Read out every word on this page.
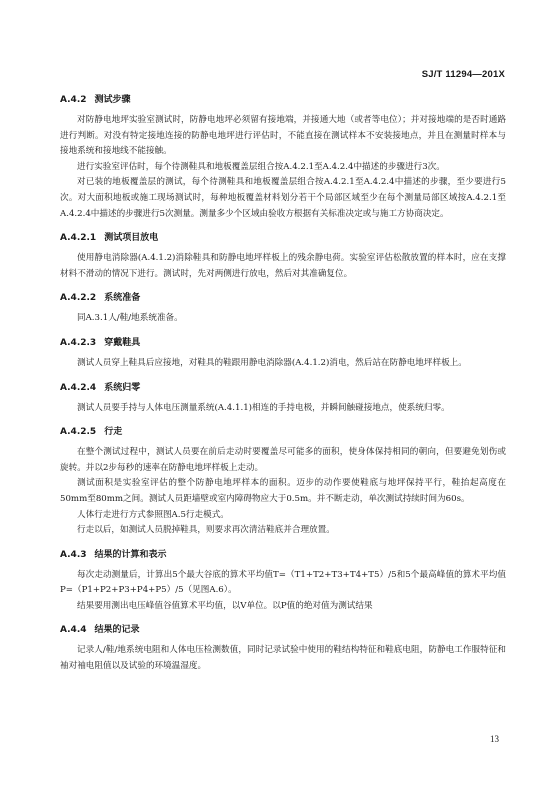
SJ/T 11294—201X
A.4.2 测试步骤

对防静电地坪实验室测试时，防静电地坪必须留有接地端，并接通大地（或者等电位）；并对接地端的是否时通路进行判断。对没有特定接地连接的防静电地坪进行评估时，不能直接在测试样本不安装接地点，并且在测量时样本与接地系统和接地线不能接触。

进行实验室评估时，每个待测鞋具和地板覆盖层组合按A.4.2.1至A.4.2.4中描述的步骤进行3次。

对已装的地板覆盖层的测试，每个待测鞋具和地板覆盖层组合按A.4.2.1至A.4.2.4中描述的步骤，至少要进行5次。对大面积地板或施工现场测试时，每种地板覆盖材料划分若干个局部区域至少在每个测量局部区域按A.4.2.1至A.4.2.4中描述的步骤进行5次测量。测量多少个区域由验收方根据有关标准决定或与施工方协商决定。

A.4.2.1 测试项目放电

使用静电消除器(A.4.1.2)消除鞋具和防静电地坪样板上的残余静电荷。实验室评估松散放置的样本时，应在支撑材料不滑动的情况下进行。测试时，先对两侧进行放电，然后对其准确复位。

A.4.2.2 系统准备

同A.3.1人/鞋/地系统准备。

A.4.2.3 穿戴鞋具

测试人员穿上鞋具后应接地，对鞋具的鞋跟用静电消除器(A.4.1.2)消电，然后站在防静电地坪样板上。

A.4.2.4 系统归零

测试人员要手持与人体电压测量系统(A.4.1.1)相连的手持电极，并瞬间触碰接地点，使系统归零。

A.4.2.5 行走

在整个测试过程中，测试人员要在前后走动时要覆盖尽可能多的面积，使身体保持相同的朝向，但要避免划伤或旋转。并以2步每秒的速率在防静电地坪样板上走动。

测试面积是实验室评估的整个防静电地坪样本的面积。迈步的动作要使鞋底与地坪保持平行，鞋抬起高度在50mm至80mm之间。测试人员距墙壁或室内障碍物应大于0.5m。并不断走动，单次测试持续时间为60s。

人体行走进行方式参照图A.5行走模式。

行走以后，如测试人员脱掉鞋具，则要求再次清洁鞋底并合理放置。

A.4.3 结果的计算和表示

每次走动测量后，计算出5个最大谷底的算术平均值T=（T1+T2+T3+T4+T5）/5和5个最高峰值的算术平均值P=（P1+P2+P3+P4+P5）/5（见图A.6）。

结果要用测出电压峰值谷值算术平均值，以V单位。以P值的绝对值为测试结果

A.4.4 结果的记录

记录人/鞋/地系统电阻和人体电压检测数值，同时记录试验中使用的鞋结构特征和鞋底电阻，防静电工作服特征和袖对袖电阻值以及试验的环境温湿度。

13
